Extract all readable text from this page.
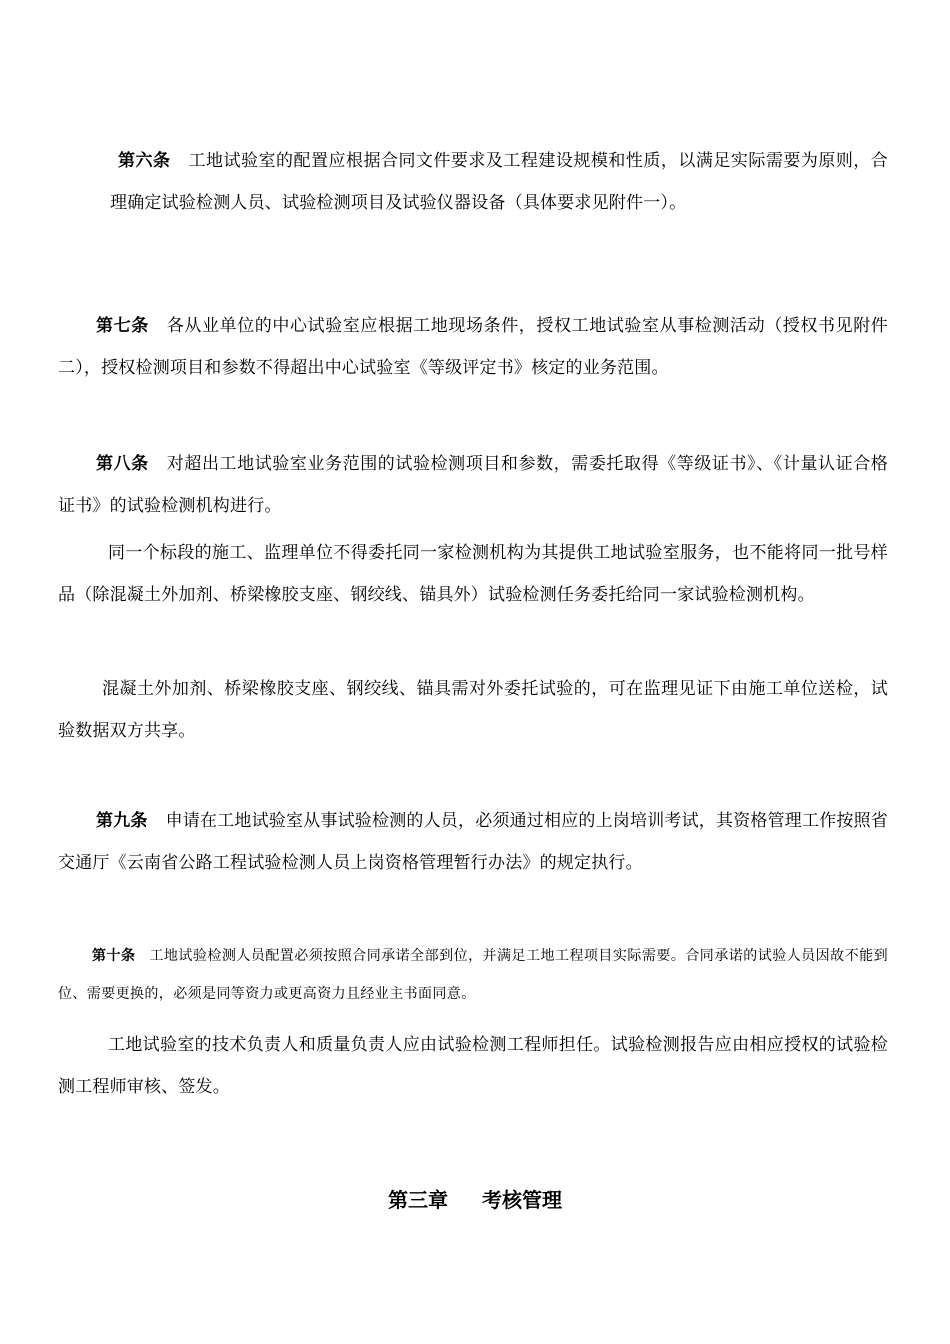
第六条 工地试验室的配置应根据合同文件要求及工程建设规模和性质，以满足实际需要为原则，合理确定试验检测人员、试验检测项目及试验仪器设备（具体要求见附件一）。

第七条 各从业单位的中心试验室应根据工地现场条件，授权工地试验室从事检测活动（授权书见附件二），授权检测项目和参数不得超出中心试验室《等级评定书》核定的业务范围。

第八条 对超出工地试验室业务范围的试验检测项目和参数，需委托取得《等级证书》、《计量认证合格证书》的试验检测机构进行。

同一个标段的施工、监理单位不得委托同一家检测机构为其提供工地试验室服务，也不能将同一批号样品（除混凝土外加剂、桥梁橡胶支座、钢绞线、锚具外）试验检测任务委托给同一家试验检测机构。

混凝土外加剂、桥梁橡胶支座、钢绞线、锚具需对外委托试验的，可在监理见证下由施工单位送检，试验数据双方共享。

第九条 申请在工地试验室从事试验检测的人员，必须通过相应的上岗培训考试，其资格管理工作按照省交通厅《云南省公路工程试验检测人员上岗资格管理暂行办法》的规定执行。

第十条 工地试验检测人员配置必须按照合同承诺全部到位，并满足工地工程项目实际需要。合同承诺的试验人员因故不能到位、需要更换的，必须是同等资力或更高资力且经业主书面同意。

工地试验室的技术负责人和质量负责人应由试验检测工程师担任。试验检测报告应由相应授权的试验检测工程师审核、签发。

第三章 考核管理
